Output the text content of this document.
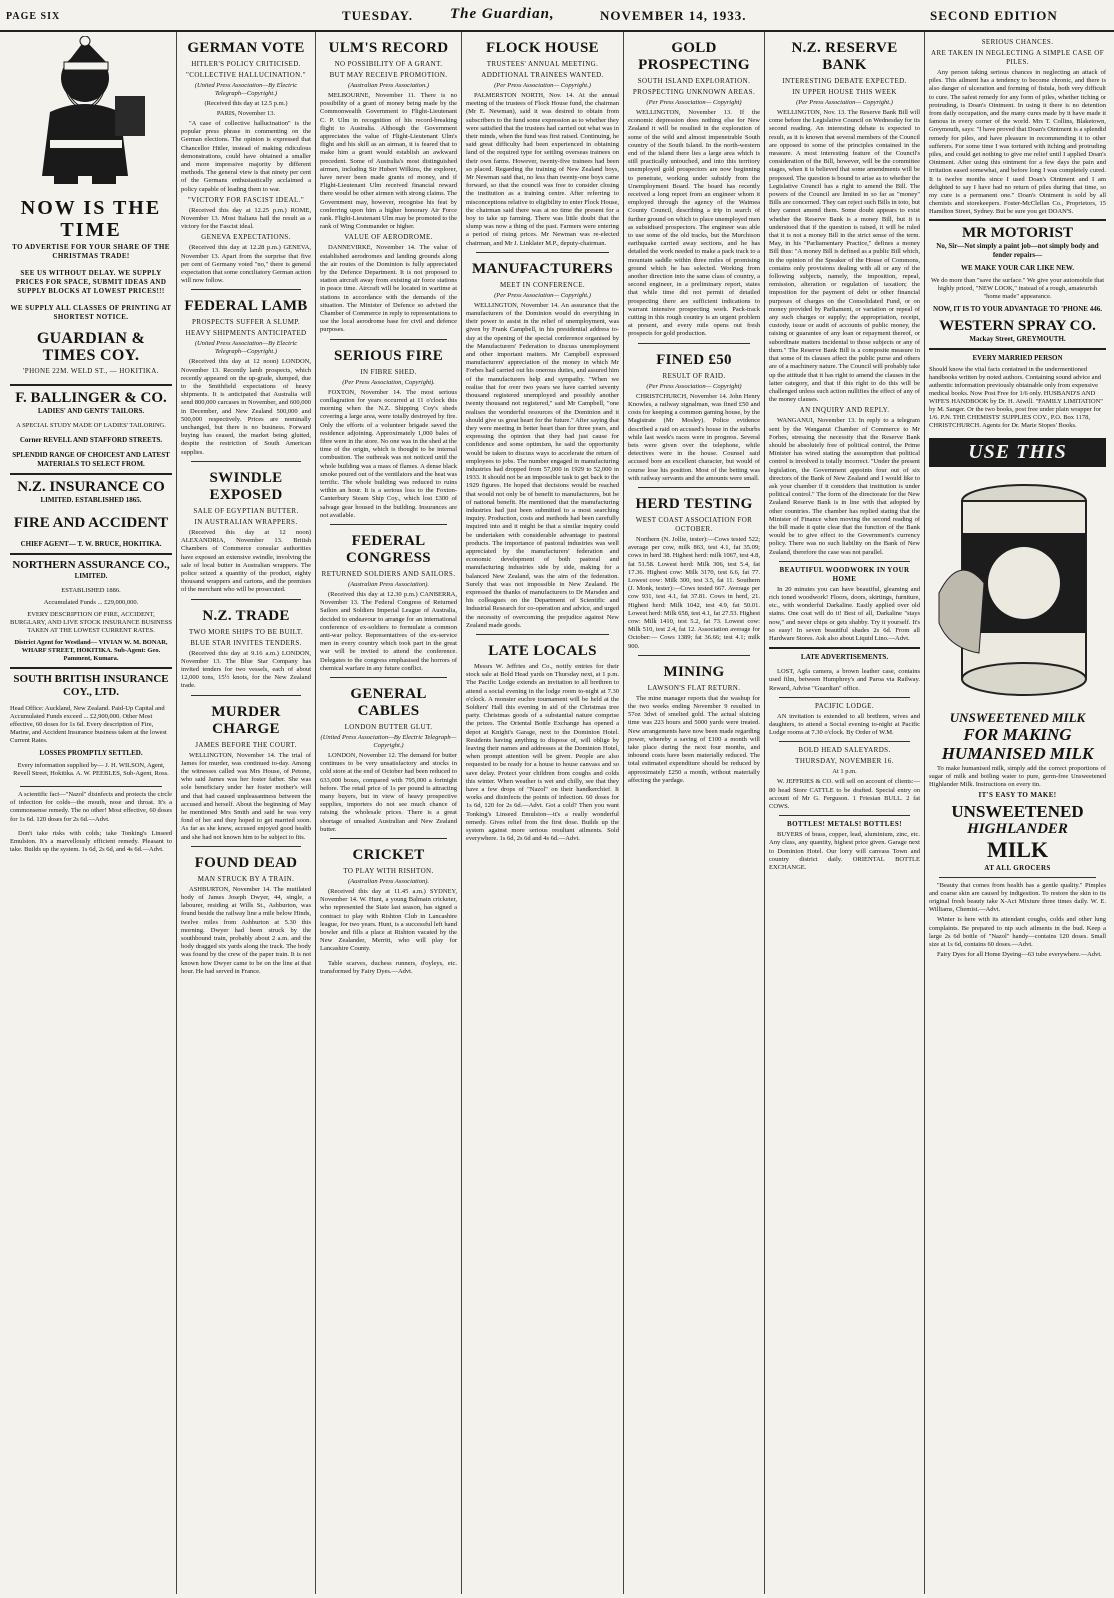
PAGE SIX	TUESDAY. The Guardian,	NOVEMBER 14, 1933.	SECOND EDITION
NOW IS THE TIME
TO ADVERTISE FOR YOUR SHARE OF THE CHRISTMAS TRADE!
SEE US WITHOUT DELAY. WE SUPPLY PRICES FOR SPACE, SUBMIT IDEAS AND SUPPLY BLOCKS AT LOWEST PRICES!!!
WE SUPPLY ALL CLASSES OF PRINTING AT SHORTEST NOTICE.
GUARDIAN & TIMES COY.
'PHONE 22M. WELD ST., — HOKITIKA.
F. BALLINGER & CO.
LADIES' AND GENTS' TAILORS.
A SPECIAL STUDY MADE OF LADIES' TAILORING.
Corner REVELL AND STAFFORD STREETS.
SPLENDID RANGE OF CHOICEST AND LATEST MATERIALS TO SELECT FROM.
N.Z. INSURANCE CO
LIMITED. ESTABLISHED 1865.
FIRE AND ACCIDENT
CHIEF AGENT— T. W. BRUCE, HOKITIKA.
NORTHERN ASSURANCE CO.,
LIMITED.
ESTABLISHED 1886.
Accumulated Funds ... £29,000,000.
EVERY DESCRIPTION OF FIRE, ACCIDENT, BURGLARY, AND LIVE STOCK INSURANCE BUSINESS TAKEN AT THE LOWEST CURRENT RATES.
District Agent for Westland— VIVIAN W. M. BONAR, WHARF STREET, HOKITIKA. Sub-Agent: Geo. Pamment, Kumara.
SOUTH BRITISH INSURANCE COY., LTD.
Head Office: Auckland, New Zealand. Paid-Up Capital and Accumulated Funds exceed ... £2,900,000. Other Most effective, 60 doses for 1s 6d. Every description of Fire, Marine, and Accident Insurance business taken at the lowest Current Rates.
LOSSES PROMPTLY SETTLED.
Every information supplied by— J. H. WILSON, Agent, Revell Street, Hokitika. A. W. PEEBLES, Sub-Agent, Ross.
A scientific fact—"Nazol" disinfects and protects the circle of infection for colds—the mouth, nose and throat. It's a commonsense remedy. The no other! Most effective, 60 doses for 1s 6d. 120 doses for 2s 6d.—Advt.
Don't take risks with colds; take Tonking's Linseed Emulsion. It's a marvellously efficient remedy. Pleasant to take. Builds up the system. 1s 6d, 2s 6d, and 4s 6d.—Advt.
GERMAN VOTE
HITLER'S POLICY CRITICISED.
"COLLECTIVE HALLUCINATION."
(United Press Association—By Electric Telegraph—Copyright.)
(Received this day at 12.5 p.m.)
PARIS, November 13.
"A case of collective hallucination" is the popular press phrase in commenting on the German elections. The opinion is expressed that Chancellor Hitler, instead of making ridiculous demonstrations, could have obtained a smaller and more impressive majority by different methods. The general view is that ninety per cent of the Germans enthusiastically acclaimed a policy capable of leading them to war.
"VICTORY FOR FASCIST IDEAL."
(Received this day at 12.25 p.m.) ROME, November 13. Most Italians hail the result as a victory for the Fascist ideal.
GENEVA EXPECTATIONS.
(Received this day at 12.28 p.m.) GENEVA, November 13. Apart from the surprise that five per cent of Germany voted "no," there is general expectation that some conciliatory German action will now follow.
FEDERAL LAMB
PROSPECTS SUFFER A SLUMP.
HEAVY SHIPMENTS ANTICIPATED
(United Press Association—By Electric Telegraph—Copyright.)
(Received this day at 12 noon) LONDON, November 13. Recently lamb prospects, which recently appeared on the up-grade, slumped, due to the Smithfield expectations of heavy shipments. It is anticipated that Australia will send 800,000 carcases in November, and 600,000 in December, and New Zealand 500,000 and 500,000 respectively. Prices are nominally unchanged, but there is no business. Forward buying has ceased, the market being glutted, despite the restriction of South American supplies.
SWINDLE EXPOSED
SALE OF EGYPTIAN BUTTER.
IN AUSTRALIAN WRAPPERS.
(Received this day at 12 noon) ALEXANDRIA, November 13. British Chambers of Commerce consular authorities have exposed an extensive swindle, involving the sale of local butter in Australian wrappers. The police seized a quantity of the product, eighty thousand wrappers and cartons, and the premises of the merchant who will be prosecuted.
N.Z. TRADE
TWO MORE SHIPS TO BE BUILT.
BLUE STAR INVITES TENDERS.
(Received this day at 9.16 a.m.) LONDON, November 13. The Blue Star Company has invited tenders for two vessels, each of about 12,000 tons, 15½ knots, for the New Zealand trade.
MURDER CHARGE
JAMES BEFORE THE COURT.
WELLINGTON, November 14. The trial of James for murder, was continued to-day. Among the witnesses called was Mrs House, of Petone, who said James was her foster father. She was sole beneficiary under her foster mother's will and that had caused unpleasantness between the accused and herself. About the beginning of May he mentioned Mrs Smith and said he was very fond of her and they hoped to get married soon. As far as she knew, accused enjoyed good health and she had not known him to be subject to fits.
FOUND DEAD
MAN STRUCK BY A TRAIN.
ASHBURTON, November 14. The mutilated body of James Joseph Dwyer, 44, single, a labourer, residing at Wills St., Ashburton, was found beside the railway line a mile below Hinds, twelve miles from Ashburton at 5.30 this morning. Dwyer had been struck by the southbound train, probably about 2 a.m. and the body dragged six yards along the track. The body was found by the crew of the paper train. It is not known how Dwyer came to be on the line at that hour. He had served in France.
ULM'S RECORD
NO POSSIBILITY OF A GRANT.
BUT MAY RECEIVE PROMOTION.
(Australian Press Association.)
MELBOURNE, November 11. There is no possibility of a grant of money being made by the Commonwealth Government to Flight-Lieutenant C. P. Ulm in recognition of his record-breaking flight to Australia. Although the Government appreciates the value of Flight-Lieutenant Ulm's flight and his skill as an airman, it is feared that to make him a grant would establish an awkward precedent. Some of Australia's most distinguished airmen, including Sir Hubert Wilkins, the explorer, have never been made grants of money, and if Flight-Lieutenant Ulm received financial reward there would be other airmen with strong claims. The Government may, however, recognise his feat by conferring upon him a higher honorary Air Force rank. Flight-Lieutenant Ulm may be promoted to the rank of Wing Commander or higher.
VALUE OF AERODROME.
DANNEVIRKE, November 14. The value of established aerodromes and landing grounds along the air routes of the Dominion is fully appreciated by the Defence Department. It is not proposed to station aircraft away from existing air force stations in peace time. Aircraft will be located in wartime at stations in accordance with the demands of the situation. The Minister of Defence so advised the Chamber of Commerce in reply to representations to use the local aerodrome base for civil and defence purposes.
SERIOUS FIRE
IN FIBRE SHED.
(Per Press Association, Copyright).
FOXTON, November 14. The most serious conflagration for years occurred at 11 o'clock this morning when the N.Z. Shipping Coy's sheds covering a large area, were totally destroyed by fire. Only the efforts of a volunteer brigade saved the residence adjoining. Approximately 1,000 bales of fibre were in the store. No one was in the shed at the time of the origin, which is thought to be internal combustion. The outbreak was not noticed until the whole building was a mass of flames. A dense black smoke poured out of the ventilators and the heat was terrific. The whole building was reduced to ruins within an hour. It is a serious loss to the Foxton-Canterbury Steam Ship Coy., which lost £300 of salvage gear housed in the building. Insurances are not available.
FEDERAL CONGRESS
RETURNED SOLDIERS AND SAILORS.
(Australian Press Association).
(Received this day at 12.30 p.m.) CANBERRA, November 13. The Federal Congress of Returned Sailors and Soldiers Imperial League of Australia, decided to endeavour to arrange for an international conference of ex-soldiers to formulate a common anti-war policy. Representatives of the ex-service men in every country which took part in the great war will be invited to attend the conference. Delegates to the congress emphasised the horrors of chemical warfare in any future conflict.
GENERAL CABLES
LONDON BUTTER GLUT.
(United Press Association—By Electric Telegraph—Copyright.)
LONDON, November 12. The demand for butter continues to be very unsatisfactory and stocks in cold store at the end of October had been reduced to 633,000 boxes, compared with 795,000 a fortnight before. The retail price of 1s per pound is attracting many buyers, but in view of heavy prospective supplies, importers do not see much chance of raising the wholesale prices. There is a great shortage of unsalted Australian and New Zealand butter.
CRICKET
TO PLAY WITH RISHTON.
(Australian Press Association).
(Received this day at 11.45 a.m.) SYDNEY, November 14. W. Hunt, a young Balmain cricketer, who represented the State last season, has signed a contract to play with Rishton Club in Lancashire league, for two years. Hunt, is a successful left hand bowler and fills a place at Rishton vacated by the New Zealander, Merritt, who will play for Lancashire County.
Table scarves, duchess runners, d'oyleys, etc. transformed by Fairy Dyes.—Advt.
FLOCK HOUSE
TRUSTEES' ANNUAL MEETING.
ADDITIONAL TRAINEES WANTED.
(Per Press Association— Copyright.)
PALMERSTON NORTH, Nov. 14. At the annual meeting of the trustees of Flock House fund, the chairman (Mr E. Newman), said it was desired to obtain from subscribers to the fund some expression as to whether they were satisfied that the trustees had carried out what was in their minds, when the fund was first raised. Continuing, he said great difficulty had been experienced in obtaining land of the required type for settling overseas trainees on their own farms. However, twenty-five trainees had been so placed. Regarding the training of New Zealand boys, Mr Newman said that, no less than twenty-one boys came forward, so that the council was free to consider closing the institution as a training centre. After referring to misconceptions relative to eligibility to enter Flock House, the chairman said there was at no time the present for a boy to take up farming. There was little doubt that the slump was now a thing of the past. Farmers were entering a period of rising prices. Mr Newman was re-elected chairman, and Mr J. Linklater M.P., deputy-chairman.
MANUFACTURERS
MEET IN CONFERENCE.
(Per Press Association— Copyright.)
WELLINGTON, November 14. An assurance that the manufacturers of the Dominion would do everything in their power to assist in the relief of unemployment, was given by Frank Campbell, in his presidential address to-day at the opening of the special conference organised by the Manufacturers' Federation to discuss unemployment and other important matters. Mr Campbell expressed manufacturers' appreciation of the money in which Mr Forbes had carried out his onerous duties, and assured him of the manufacturers help and sympathy. "When we realise that for over two years we have carried seventy thousand registered unemployed and possibly another twenty thousand not registered," said Mr Campbell, "one realises the wonderful resources of the Dominion and it should give us great heart for the future." After saying that they were meeting in better heart than for three years, and expressing the opinion that they had just cause for confidence and some optimism, he said the opportunity would be taken to discuss ways to accelerate the return of employees to jobs. The number engaged in manufacturing industries had dropped from 57,000 in 1929 to 52,000 in 1933. It should not be an impossible task to get back to the 1929 figures. He hoped that decisions would be reached that would not only be of benefit to manufacturers, but be of national benefit. He mentioned that the manufacturing industries had just been submitted to a most searching inquiry. Production, costs and methods had been carefully inquired into and it might be that a similar inquiry could be undertaken with considerable advantage to pastoral products. The importance of pastoral industries was well appreciated by the manufacturers' federation and economic development of both pastoral and manufacturing industries side by side, making for a balanced New Zealand, was the aim of the federation. Surely that was not impossible in New Zealand. He expressed the thanks of manufacturers to Dr Marsden and his colleagues on the Department of Scientific and Industrial Research for co-operation and advice, and urged the necessity of overcoming the prejudice against New Zealand made goods.
LATE LOCALS
Messrs W. Jeffries and Co., notify entries for their stock sale at Bold Head yards on Thursday next, at 1 p.m. The Pacific Lodge extends an invitation to all brethren to attend a social evening in the lodge room to-night at 7.30 o'clock. A monster euchre tournament will be held at the Soldiers' Hall this evening in aid of the Christmas tree party. Christmas goods of a substantial nature comprise the prizes. The Oriental Bottle Exchange has opened a depot at Knight's Garage, next to the Dominion Hotel. Residents having anything to dispose of, will oblige by leaving their names and addresses at the Dominion Hotel, when prompt attention will be given. People are also requested to be ready for a house to house canvass and so save delay. Protect your children from coughs and colds this winter. When weather is wet and chilly, see that they have a few drops of "Nazol" on their handkerchief. It works and disinfects the points of infection. 60 doses for 1s 6d, 120 for 2s 6d.—Advt. Got a cold? Then you want Tonking's Linseed Emulsion—it's a really wonderful remedy. Gives relief from the first dose. Builds up the system against more serious resultant ailments. Sold everywhere. 1s 6d, 2s 6d and 4s 6d.—Advt.
GOLD PROSPECTING
SOUTH ISLAND EXPLORATION.
PROSPECTING UNKNOWN AREAS.
(Per Press Association— Copyright)
WELLINGTON, November 13. If the economic depression does nothing else for New Zealand it will be resulted in the exploration of some of the wild and almost impenetrable South country of the South Island. In the north-western end of the island there lies a large area which is still practically untouched, and into this territory unemployed gold prospectors are now beginning to penetrate, working under subsidy from the Unemployment Board. The board has recently received a long report from an engineer whom it employed through the agency of the Waimea County Council, describing a trip in search of further ground on which to place unemployed men as subsidised prospectors. The engineer was able to use some of the old tracks, but the Murchison earthquake carried away sections, and he has detailed the work needed to make a pack track to a mountain saddle within three miles of promising ground which he has selected. Working from another direction into the same class of country, a second engineer, in a preliminary report, states that while time did not permit of detailed prospecting there are sufficient indications to warrant intensive prospecting work. Pack-track cutting in this rough country is an urgent problem at present, and every mile opens out fresh prospects for gold production.
FINED £50
RESULT OF RAID.
(Per Press Association— Copyright)
CHRISTCHURCH, November 14. John Henry Knowles, a railway signalman, was fined £50 and costs for keeping a common gaming house, by the Magistrate (Mr Mosley). Police evidence described a raid on accused's house in the suburbs while last week's races were in progress. Several bets were given over the telephone, while detectives were in the house. Counsel said accused bore an excellent character, but would of course lose his position. Most of the betting was with railway servants and the amounts were small.
HERD TESTING
WEST COAST ASSOCIATION FOR OCTOBER.
Northern (N. Jollie, tester):—Cows tested 522; average per cow, milk 863, test 4.1, fat 35.09; cows in herd 38. Highest herd: milk 1067, test 4.8, fat 51.58. Lowest herd: Milk 306, test 5.4, fat 17.36. Highest cow: Milk 3170, test 6.6, fat 77. Lowest cow: Milk 300, test 3.5, fat 11. Southern (J. Monk, tester):—Cows tested 667. Average per cow 931, test 4.1, fat 37.81. Cows in herd, 21. Highest herd: Milk 1042, test 4.9, fat 50.01. Lowest herd: Milk 658, test 4.1, fat 27.53. Highest cow: Milk 1410, test 5.2, fat 73. Lowest cow: Milk 510, test 2.4, fat 12. Association average for October:— Cows 1389; fat 36.66; test 4.1; milk 900.
MINING
LAWSON'S FLAT RETURN.
The mine manager reports that the washup for the two weeks ending November 9 resulted in 57oz 3dwt of smelted gold. The actual sluicing time was 223 hours and 5000 yards were treated. New arrangements have now been made regarding power, whereby a saving of £100 a month will take place during the next four months, and inbound costs have been materially reduced. The total estimated expenditure should be reduced by approximately £250 a month, without materially affecting the yardage.
N.Z. RESERVE BANK
INTERESTING DEBATE EXPECTED.
IN UPPER HOUSE THIS WEEK
(Per Press Association— Copyright.)
WELLINGTON, Nov. 13. The Reserve Bank Bill will come before the Legislative Council on Wednesday for its second reading. An interesting debate is expected to result, as it is known that several members of the Council are opposed to some of the principles contained in the measure. A most interesting feature of the Council's consideration of the Bill, however, will be the committee stages, when it is believed that some amendments will be proposed. The question is bound to arise as to whether the Legislative Council has a right to amend the Bill. The powers of the Council are limited in so far as "money" Bills are concerned. They can reject such Bills in toto, but they cannot amend them. Some doubt appears to exist whether the Reserve Bank is a money Bill, but it is understood that if the question is raised, it will be ruled that it is not a money Bill in the strict sense of the term. May, in his "Parliamentary Practice," defines a money Bill thus: "A money Bill is defined as a public Bill which, in the opinion of the Speaker of the House of Commons, contains only provisions dealing with all or any of the following subjects, namely, the imposition, repeal, remission, alteration or regulation of taxation; the imposition for the payment of debt or other financial purposes of charges on the Consolidated Fund, or on money provided by Parliament, or variation or repeal of any such charges or supply; the appropriation, receipt, custody, issue or audit of accounts of public money, the raising or guarantee of any loan or repayment thereof, or subordinate matters incidental to those subjects or any of them." The Reserve Bank Bill is a composite measure in that some of its clauses affect the public purse and others are of a machinery nature. The Council will probably take up the attitude that it has right to amend the clauses in the latter category, and that if this right to do this will be challenged unless such action nullifies the effect of any of the money clauses.
AN INQUIRY AND REPLY.
WANGANUI, November 13. In reply to a telegram sent by the Wanganui Chamber of Commerce to Mr Forbes, stressing the necessity that the Reserve Bank should be absolutely free of political control, the Prime Minister has wired stating the assumption that political control is involved is totally incorrect. "Under the present legislation, the Government appoints four out of six directors of the Bank of New Zealand and I would like to ask your chamber if it considers that institution is under political control." The form of the directorate for the New Zealand Reserve Bank is in line with that adopted by other countries. The chamber has replied stating that the Minister of Finance when moving the second reading of the bill made it quite clear that the function of the Bank would be to give effect to the Government's currency policy. There was no such liability on the Bank of New Zealand, therefore the case was not parallel.
BEAUTIFUL WOODWORK IN YOUR HOME
In 20 minutes you can have beautiful, gleaming and rich toned woodwork! Floors, doors, skirtings, furniture, etc., with wonderful Darkaline. Easily applied over old stains. One coat will do it! Best of all, Darkaline "stays now," and never chips or gets shabby. Try it yourself. It's so easy! In seven beautiful shades 2s 6d. From all Hardware Stores. Ask also about Liquid Lino.—Advt.
LATE ADVERTISEMENTS.
LOST, Agfa camera, a brown leather case, contains used film, between Humphrey's and Paroa via Railway. Reward, Advise "Guardian" office.
PACIFIC LODGE.
AN invitation is extended to all brethren, wives and daughters, to attend a Social evening to-night at Pacific Lodge rooms at 7.30 o'clock. By Order of W.M.
BOLD HEAD SALEYARDS.
THURSDAY, NOVEMBER 16.
At 1 p.m.
W. JEFFRIES & CO. will sell on account of clients:— 80 head Store CATTLE to be drafted. Special entry on account of Mr G. Ferguson. 1 Friesian BULL. 2 fat COWS.
BOTTLES! METALS! BOTTLES!
BUYERS of brass, copper, lead, aluminium, zinc, etc. Any class, any quantity, highest price given. Garage next to Dominion Hotel. Our lorry will canvass Town and country district daily. ORIENTAL BOTTLE EXCHANGE.
SERIOUS CHANCES.
ARE TAKEN IN NEGLECTING A SIMPLE CASE OF PILES.
Any person taking serious chances in neglecting an attack of piles. This ailment has a tendency to become chronic, and there is also danger of ulceration and forming of fistula, both very difficult to cure. The safest remedy for any form of piles, whether itching or protruding, is Doan's Ointment. In using it there is no detention from daily occupation, and the many cures made by it have made it famous in every corner of the world. Mrs T. Collins, Blaketown, Greymouth, says: "I have proved that Doan's Ointment is a splendid remedy for piles, and have pleasure in recommending it to other sufferers. For some time I was tortured with itching and protruding piles, and could get nothing to give me relief until I applied Doan's Ointment. After using this ointment for a few days the pain and irritation eased somewhat, and before long I was completely cured. It is twelve months since I used Doan's Ointment and I am delighted to say I have had no return of piles during that time, so my cure is a permanent one." Doan's Ointment is sold by all chemists and storekeepers. Foster-McClellan Co., Proprietors, 15 Hamilton Street, Sydney. But be sure you get DOAN'S.
MR MOTORIST
No, Sir—Not simply a paint job—not simply body and fender repairs—
WE MAKE YOUR CAR LIKE NEW.
We do more than "save the surface." We give your automobile that highly priced, "NEW LOOK," instead of a rough, amateurish "home made" appearance.
NOW, IT IS TO YOUR ADVANTAGE TO 'PHONE 446.
WESTERN SPRAY CO.
Mackay Street, GREYMOUTH.
EVERY MARRIED PERSON
Should know the vital facts contained in the undermentioned handbooks written by noted authors. Containing sound advice and authentic information previously obtainable only from expensive medical books. Now Post Free for 1/6 only. HUSBAND'S AND WIFE'S HANDBOOK by Dr. H. Atwill. "FAMILY LIMITATION" by M. Sanger. Or the two books, post free under plain wrapper for 1/6. P.N. THE CHEMISTS' SUPPLIES COY., P.O. Box 1178, CHRISTCHURCH. Agents for Dr. Marie Stopes' Books.
USE THIS
UNSWEETENED MILK
FOR MAKING HUMANISED MILK
To make humanised milk, simply add the correct proportions of sugar of milk and boiling water to pure, germ-free Unsweetened Highlander Milk. Instructions on every tin.
IT'S EASY TO MAKE!
UNSWEETENED
HIGHLANDER
MILK
AT ALL GROCERS
"Beauty that comes from health has a gentle quality." Pimples and coarse skin are caused by indigestion. To restore the skin to its original fresh beauty take X-Act Mixture three times daily. W. E. Williams, Chemist.—Advt.
Winter is here with its attendant coughs, colds and other lung complaints. Be prepared to nip such ailments in the bud. Keep a large 2s 6d bottle of "Nazol" handy—contains 120 doses. Small size at 1s 6d, contains 60 doses.—Advt.
Fairy Dyes for all Home Dyeing—63 tube everywhere.—Advt.
